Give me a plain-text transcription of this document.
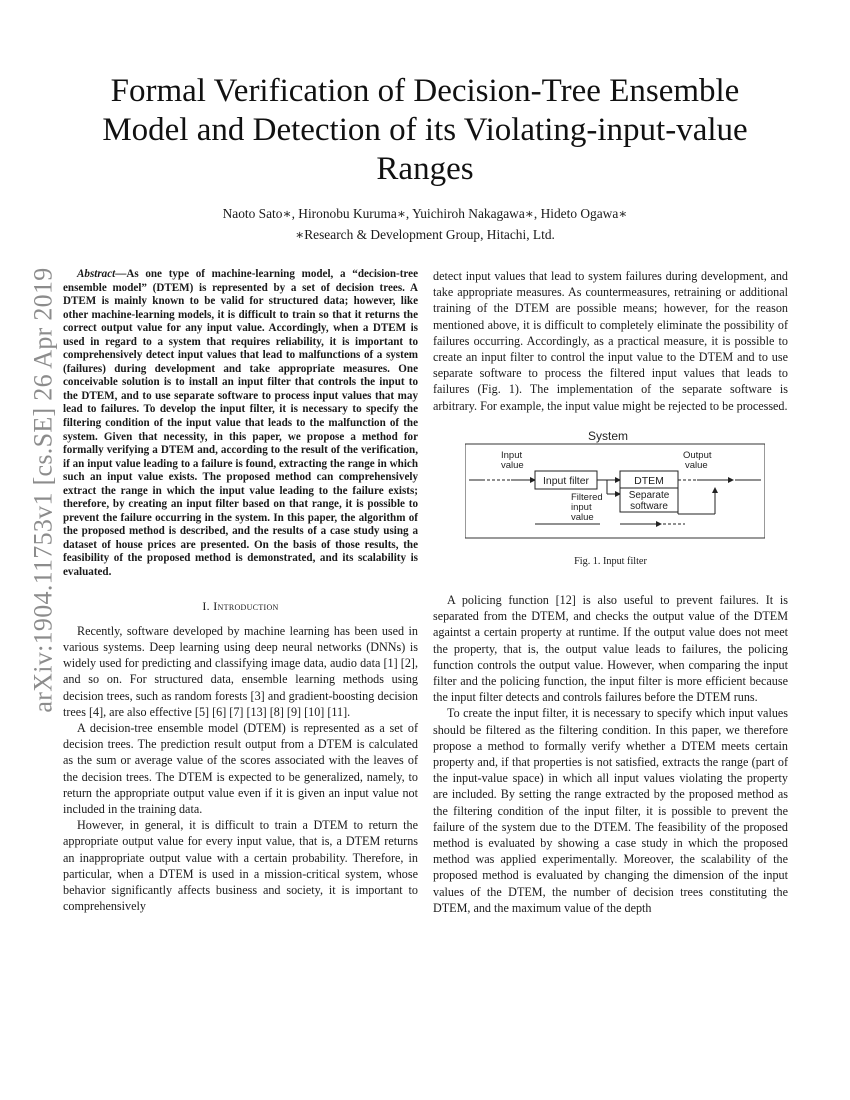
arXiv:1904.11753v1 [cs.SE] 26 Apr 2019
Formal Verification of Decision-Tree Ensemble Model and Detection of its Violating-input-value Ranges
Naoto Sato∗, Hironobu Kuruma∗, Yuichiroh Nakagawa∗, Hideto Ogawa∗
∗Research & Development Group, Hitachi, Ltd.
Abstract—As one type of machine-learning model, a “decision-tree ensemble model” (DTEM) is represented by a set of decision trees. A DTEM is mainly known to be valid for structured data; however, like other machine-learning models, it is difficult to train so that it returns the correct output value for any input value. Accordingly, when a DTEM is used in regard to a system that requires reliability, it is important to comprehensively detect input values that lead to malfunctions of a system (failures) during development and take appropriate measures. One conceivable solution is to install an input filter that controls the input to the DTEM, and to use separate software to process input values that may lead to failures. To develop the input filter, it is necessary to specify the filtering condition of the input value that leads to the malfunction of the system. Given that necessity, in this paper, we propose a method for formally verifying a DTEM and, according to the result of the verification, if an input value leading to a failure is found, extracting the range in which such an input value exists. The proposed method can comprehensively extract the range in which the input value leading to the failure exists; therefore, by creating an input filter based on that range, it is possible to prevent the failure occurring in the system. In this paper, the algorithm of the proposed method is described, and the results of a case study using a dataset of house prices are presented. On the basis of those results, the feasibility of the proposed method is demonstrated, and its scalability is evaluated.
I. Introduction

Recently, software developed by machine learning has been used in various systems. Deep learning using deep neural networks (DNNs) is widely used for predicting and classifying image data, audio data [1] [2], and so on. For structured data, ensemble learning methods using decision trees, such as random forests [3] and gradient-boosting decision trees [4], are also effective [5] [6] [7] [13] [8] [9] [10] [11].

A decision-tree ensemble model (DTEM) is represented as a set of decision trees. The prediction result output from a DTEM is calculated as the sum or average value of the scores associated with the leaves of the decision trees. The DTEM is expected to be generalized, namely, to return the appropriate output value even if it is given an input value not included in the training data.

However, in general, it is difficult to train a DTEM to return the appropriate output value for every input value, that is, a DTEM returns an inappropriate output value with a certain probability. Therefore, in particular, when a DTEM is used in a mission-critical system, whose behavior significantly affects business and society, it is important to comprehensively

detect input values that lead to system failures during development, and take appropriate measures. As countermeasures, retraining or additional training of the DTEM are possible means; however, for the reason mentioned above, it is difficult to completely eliminate the possibility of failures occurring. Accordingly, as a practical measure, it is possible to create an input filter to control the input value to the DTEM and to use separate software to process the filtered input values that leads to failures (Fig. 1). The implementation of the separate software is arbitrary. For example, the input value might be rejected to be processed.

System
Input
value
Output
value
Input filter	DTEM
Filtered
input
value
Separate
software
Fig. 1. Input filter

A policing function [12] is also useful to prevent failures. It is separated from the DTEM, and checks the output value of the DTEM againtst a certain property at runtime. If the output value does not meet the property, that is, the output value leads to failures, the policing function controls the output value. However, when comparing the input filter and the policing function, the input filter is more efficient because the input filter detects and controls failures before the DTEM runs.

To create the input filter, it is necessary to specify which input values should be filtered as the filtering condition. In this paper, we therefore propose a method to formally verify whether a DTEM meets certain property and, if that properties is not satisfied, extracts the range (part of the input-value space) in which all input values violating the property are included. By setting the range extracted by the proposed method as the filtering condition of the input filter, it is possible to prevent the failure of the system due to the DTEM. The feasibility of the proposed method is evaluated by showing a case study in which the proposed method was applied experimentally. Moreover, the scalability of the proposed method is evaluated by changing the dimension of the input values of the DTEM, the number of decision trees constituting the DTEM, and the maximum value of the depth
